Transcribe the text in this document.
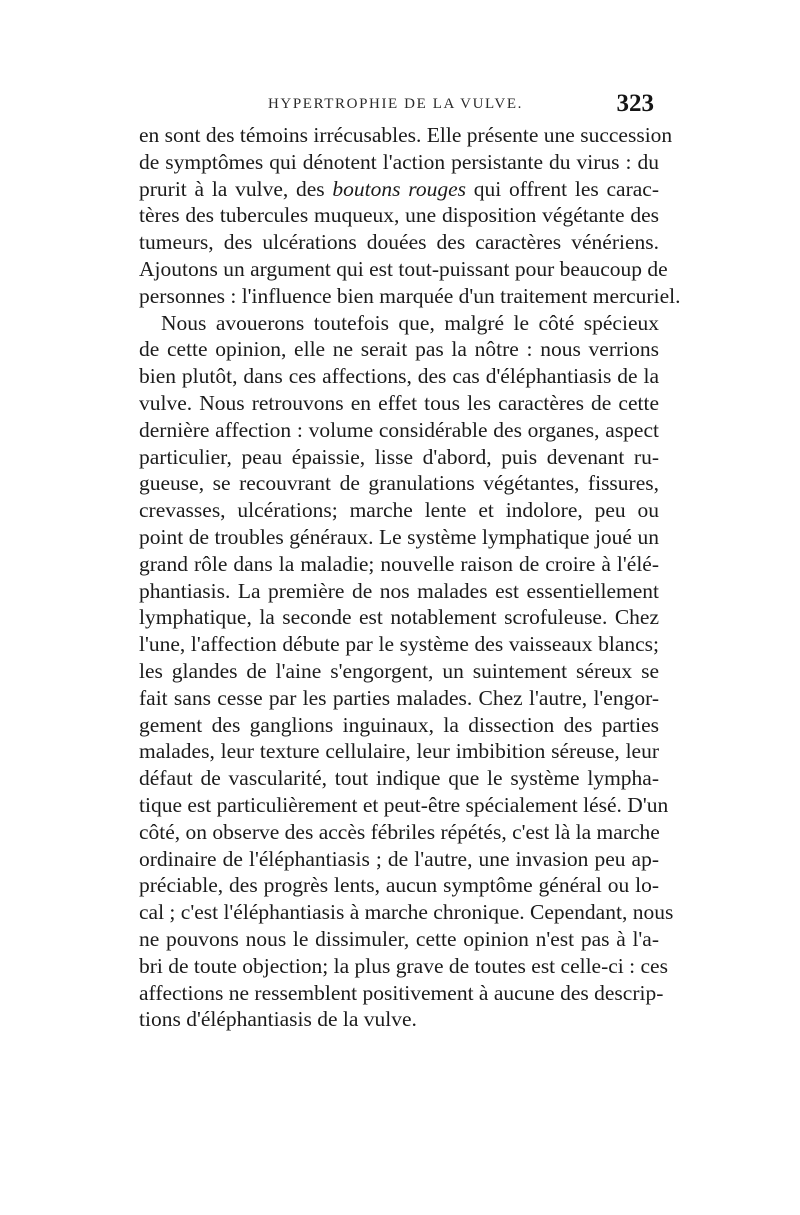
HYPERTROPHIE DE LA VULVE.	323
en sont des témoins irrécusables. Elle présente une succession
de symptômes qui dénotent l'action persistante du virus : du
prurit à la vulve, des boutons rouges qui offrent les carac-
tères des tubercules muqueux, une disposition végétante des
tumeurs, des ulcérations douées des caractères vénériens.
Ajoutons un argument qui est tout-puissant pour beaucoup de
personnes : l'influence bien marquée d'un traitement mercuriel.
Nous avouerons toutefois que, malgré le côté spécieux
de cette opinion, elle ne serait pas la nôtre : nous verrions
bien plutôt, dans ces affections, des cas d'éléphantiasis de la
vulve. Nous retrouvons en effet tous les caractères de cette
dernière affection : volume considérable des organes, aspect
particulier, peau épaissie, lisse d'abord, puis devenant ru-
gueuse, se recouvrant de granulations végétantes, fissures,
crevasses, ulcérations; marche lente et indolore, peu ou
point de troubles généraux. Le système lymphatique joué un
grand rôle dans la maladie; nouvelle raison de croire à l'élé-
phantiasis. La première de nos malades est essentiellement
lymphatique, la seconde est notablement scrofuleuse. Chez
l'une, l'affection débute par le système des vaisseaux blancs;
les glandes de l'aine s'engorgent, un suintement séreux se
fait sans cesse par les parties malades. Chez l'autre, l'engor-
gement des ganglions inguinaux, la dissection des parties
malades, leur texture cellulaire, leur imbibition séreuse, leur
défaut de vascularité, tout indique que le système lympha-
tique est particulièrement et peut-être spécialement lésé. D'un
côté, on observe des accès fébriles répétés, c'est là la marche
ordinaire de l'éléphantiasis ; de l'autre, une invasion peu ap-
préciable, des progrès lents, aucun symptôme général ou lo-
cal ; c'est l'éléphantiasis à marche chronique. Cependant, nous
ne pouvons nous le dissimuler, cette opinion n'est pas à l'a-
bri de toute objection; la plus grave de toutes est celle-ci : ces
affections ne ressemblent positivement à aucune des descrip-
tions d'éléphantiasis de la vulve.
